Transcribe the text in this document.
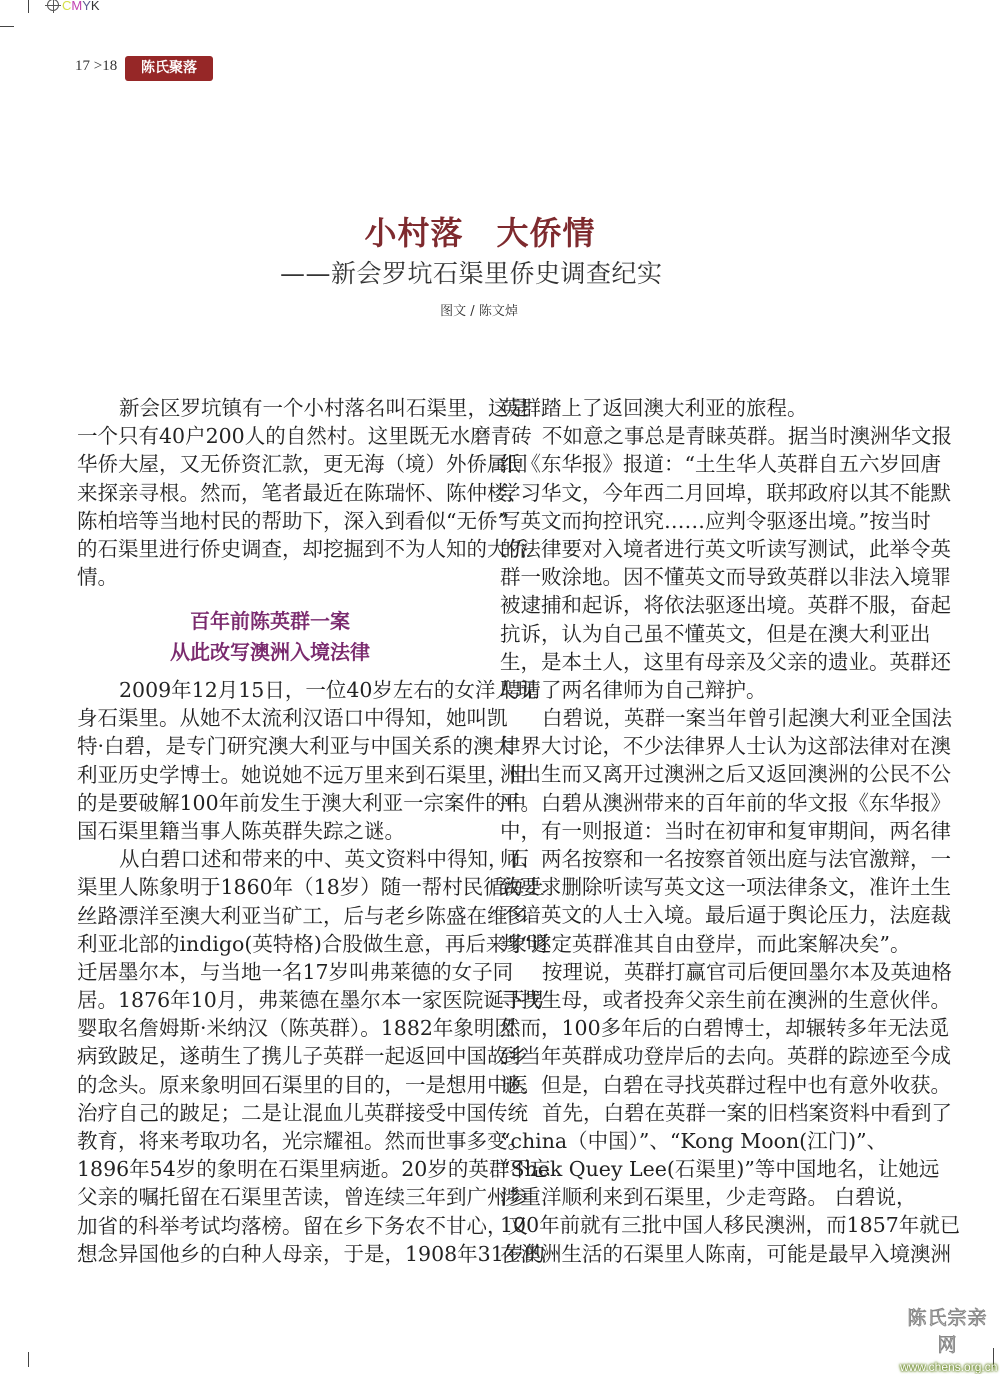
CMYK
17 >18	陈氏聚落
小村落　大侨情
——新会罗坑石渠里侨史调查纪实
图文 / 陈文焯
新会区罗坑镇有一个小村落名叫石渠里，这是
一个只有40户200人的自然村。这里既无水磨青砖
华侨大屋，又无侨资汇款，更无海（境）外侨属回
来探亲寻根。然而，笔者最近在陈瑞怀、陈仲楼、
陈柏培等当地村民的帮助下，深入到看似“无侨”
的石渠里进行侨史调查，却挖掘到不为人知的大侨
情。
百年前陈英群一案
从此改写澳洲入境法律
2009年12月15日，一位40岁左右的女洋人现
身石渠里。从她不太流利汉语口中得知，她叫凯
特·白碧，是专门研究澳大利亚与中国关系的澳大
利亚历史学博士。她说她不远万里来到石渠里，目
的是要破解100年前发生于澳大利亚一宗案件的中
国石渠里籍当事人陈英群失踪之谜。
从白碧口述和带来的中、英文资料中得知，石
渠里人陈象明于1860年（18岁）随一帮村民循海上
丝路漂洋至澳大利亚当矿工，后与老乡陈盛在维多
利亚北部的indigo(英特格)合股做生意，再后来象明
迁居墨尔本，与当地一名17岁叫弗莱德的女子同
居。1876年10月，弗莱德在墨尔本一家医院诞下男
婴取名詹姆斯·米纳汉（陈英群）。1882年象明因
病致跛足，遂萌生了携儿子英群一起返回中国故乡
的念头。原来象明回石渠里的目的，一是想用中医
治疗自己的跛足；二是让混血儿英群接受中国传统
教育，将来考取功名，光宗耀祖。然而世事多变。
1896年54岁的象明在石渠里病逝。20岁的英群不忘
父亲的嘱托留在石渠里苦读，曾连续三年到广州参
加省的科举考试均落榜。留在乡下务农不甘心，又
想念异国他乡的白种人母亲，于是，1908年31岁的
英群踏上了返回澳大利亚的旅程。
不如意之事总是青睐英群。据当时澳洲华文报
纸《东华报》报道：“土生华人英群自五六岁回唐
学习华文，今年西二月回埠，联邦政府以其不能默
写英文而拘控讯究……应判令驱逐出境。”按当时
的法律要对入境者进行英文听读写测试，此举令英
群一败涂地。因不懂英文而导致英群以非法入境罪
被逮捕和起诉，将依法驱逐出境。英群不服，奋起
抗诉，认为自己虽不懂英文，但是在澳大利亚出
生，是本土人，这里有母亲及父亲的遗业。英群还
聘请了两名律师为自己辩护。
白碧说，英群一案当年曾引起澳大利亚全国法
律界大讨论，不少法律界人士认为这部法律对在澳
洲出生而又离开过澳洲之后又返回澳洲的公民不公
平。白碧从澳洲带来的百年前的华文报《东华报》
中，有一则报道：当时在初审和复审期间，两名律
师、两名按察和一名按察首领出庭与法官激辩，一
致要求删除听读写英文这一项法律条文，准许土生
不谙英文的人士入境。最后逼于舆论压力，法庭裁
判“遂定英群准其自由登岸，而此案解决矣”。
按理说，英群打赢官司后便回墨尔本及英迪格
寻找生母，或者投奔父亲生前在澳洲的生意伙伴。
然而，100多年后的白碧博士，却辗转多年无法觅
到当年英群成功登岸后的去向。英群的踪迹至今成
谜。但是，白碧在寻找英群过程中也有意外收获。
首先，白碧在英群一案的旧档案资料中看到了
“china（中国）”、“Kong Moon(江门)”、
“Shek Quey Lee(石渠里)”等中国地名，让她远
涉重洋顺利来到石渠里，少走弯路。 白碧说，
100年前就有三批中国人移民澳洲，而1857年就已
在澳洲生活的石渠里人陈南，可能是最早入境澳洲
陈氏宗亲网
www.chens.org.cn
